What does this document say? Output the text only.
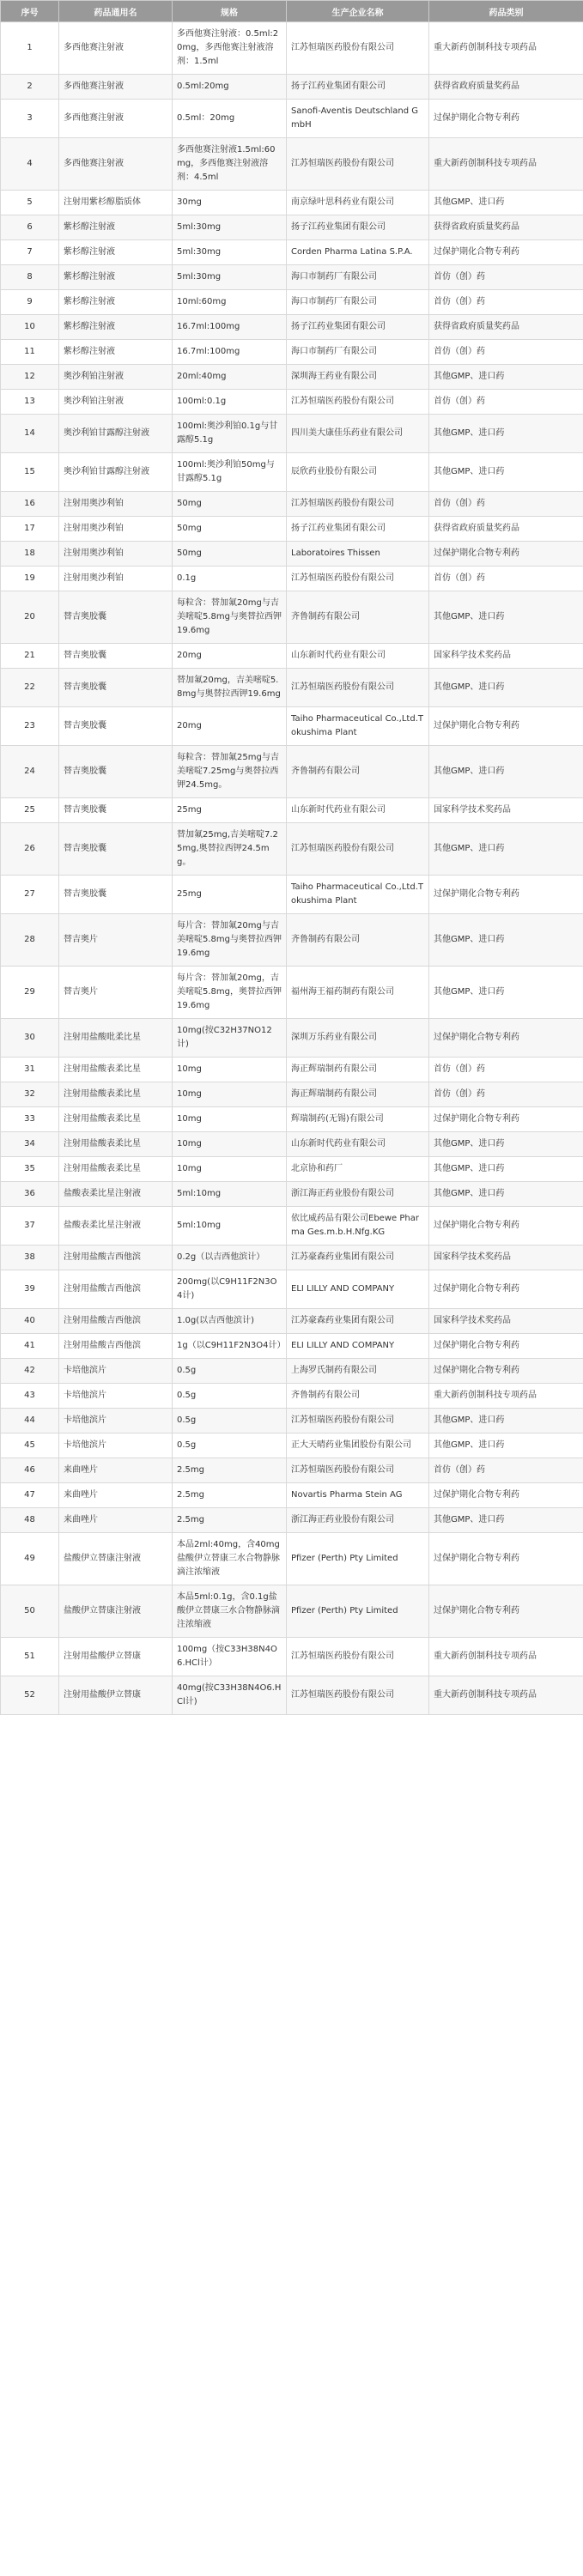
序号	药品通用名	规格	生产企业名称	药品类别
1	多西他赛注射液	多西他赛注射液：0.5ml:20mg，多西他赛注射液溶剂：1.5ml	江苏恒瑞医药股份有限公司	重大新药创制科技专项药品
2	多西他赛注射液	0.5ml:20mg	扬子江药业集团有限公司	获得省政府质量奖药品
3	多西他赛注射液	0.5ml：20mg	Sanofi-Aventis Deutschland GmbH	过保护期化合物专利药
4	多西他赛注射液	多西他赛注射液1.5ml:60mg，多西他赛注射液溶剂：4.5ml	江苏恒瑞医药股份有限公司	重大新药创制科技专项药品
5	注射用紫杉醇脂质体	30mg	南京绿叶思科药业有限公司	其他GMP、进口药
6	紫杉醇注射液	5ml:30mg	扬子江药业集团有限公司	获得省政府质量奖药品
7	紫杉醇注射液	5ml:30mg	Corden Pharma Latina S.P.A.	过保护期化合物专利药
8	紫杉醇注射液	5ml:30mg	海口市制药厂有限公司	首仿（创）药
9	紫杉醇注射液	10ml:60mg	海口市制药厂有限公司	首仿（创）药
10	紫杉醇注射液	16.7ml:100mg	扬子江药业集团有限公司	获得省政府质量奖药品
11	紫杉醇注射液	16.7ml:100mg	海口市制药厂有限公司	首仿（创）药
12	奥沙利铂注射液	20ml:40mg	深圳海王药业有限公司	其他GMP、进口药
13	奥沙利铂注射液	100ml:0.1g	江苏恒瑞医药股份有限公司	首仿（创）药
14	奥沙利铂甘露醇注射液	100ml:奥沙利铂0.1g与甘露醇5.1g	四川美大康佳乐药业有限公司	其他GMP、进口药
15	奥沙利铂甘露醇注射液	100ml:奥沙利铂50mg与甘露醇5.1g	辰欣药业股份有限公司	其他GMP、进口药
16	注射用奥沙利铂	50mg	江苏恒瑞医药股份有限公司	首仿（创）药
17	注射用奥沙利铂	50mg	扬子江药业集团有限公司	获得省政府质量奖药品
18	注射用奥沙利铂	50mg	Laboratoires Thissen	过保护期化合物专利药
19	注射用奥沙利铂	0.1g	江苏恒瑞医药股份有限公司	首仿（创）药
20	替吉奥胶囊	每粒含：替加氟20mg与吉美嘧啶5.8mg与奥替拉西钾19.6mg	齐鲁制药有限公司	其他GMP、进口药
21	替吉奥胶囊	20mg	山东新时代药业有限公司	国家科学技术奖药品
22	替吉奥胶囊	替加氟20mg，吉美嘧啶5.8mg与奥替拉西钾19.6mg	江苏恒瑞医药股份有限公司	其他GMP、进口药
23	替吉奥胶囊	20mg	Taiho Pharmaceutical Co.,Ltd.Tokushima Plant	过保护期化合物专利药
24	替吉奥胶囊	每粒含：替加氟25mg与吉美嘧啶7.25mg与奥替拉西钾24.5mg。	齐鲁制药有限公司	其他GMP、进口药
25	替吉奥胶囊	25mg	山东新时代药业有限公司	国家科学技术奖药品
26	替吉奥胶囊	替加氟25mg,吉美嘧啶7.25mg,奥替拉西钾24.5mg。	江苏恒瑞医药股份有限公司	其他GMP、进口药
27	替吉奥胶囊	25mg	Taiho Pharmaceutical Co.,Ltd.Tokushima Plant	过保护期化合物专利药
28	替吉奥片	每片含：替加氟20mg与吉美嘧啶5.8mg与奥替拉西钾19.6mg	齐鲁制药有限公司	其他GMP、进口药
29	替吉奥片	每片含：替加氟20mg，吉美嘧啶5.8mg，奥替拉西钾19.6mg	福州海王福药制药有限公司	其他GMP、进口药
30	注射用盐酸吡柔比星	10mg(按C32H37NO12计)	深圳万乐药业有限公司	过保护期化合物专利药
31	注射用盐酸表柔比星	10mg	海正辉瑞制药有限公司	首仿（创）药
32	注射用盐酸表柔比星	10mg	海正辉瑞制药有限公司	首仿（创）药
33	注射用盐酸表柔比星	10mg	辉瑞制药(无锡)有限公司	过保护期化合物专利药
34	注射用盐酸表柔比星	10mg	山东新时代药业有限公司	其他GMP、进口药
35	注射用盐酸表柔比星	10mg	北京协和药厂	其他GMP、进口药
36	盐酸表柔比星注射液	5ml:10mg	浙江海正药业股份有限公司	其他GMP、进口药
37	盐酸表柔比星注射液	5ml:10mg	依比威药品有限公司Ebewe Pharma Ges.m.b.H.Nfg.KG	过保护期化合物专利药
38	注射用盐酸吉西他滨	0.2g（以吉西他滨计）	江苏豪森药业集团有限公司	国家科学技术奖药品
39	注射用盐酸吉西他滨	200mg(以C9H11F2N3O4计)	ELI LILLY AND COMPANY	过保护期化合物专利药
40	注射用盐酸吉西他滨	1.0g(以吉西他滨计)	江苏豪森药业集团有限公司	国家科学技术奖药品
41	注射用盐酸吉西他滨	1g（以C9H11F2N3O4计）	ELI LILLY AND COMPANY	过保护期化合物专利药
42	卡培他滨片	0.5g	上海罗氏制药有限公司	过保护期化合物专利药
43	卡培他滨片	0.5g	齐鲁制药有限公司	重大新药创制科技专项药品
44	卡培他滨片	0.5g	江苏恒瑞医药股份有限公司	其他GMP、进口药
45	卡培他滨片	0.5g	正大天晴药业集团股份有限公司	其他GMP、进口药
46	来曲唑片	2.5mg	江苏恒瑞医药股份有限公司	首仿（创）药
47	来曲唑片	2.5mg	Novartis Pharma Stein AG	过保护期化合物专利药
48	来曲唑片	2.5mg	浙江海正药业股份有限公司	其他GMP、进口药
49	盐酸伊立替康注射液	本品2ml:40mg，含40mg盐酸伊立替康三水合物静脉滴注浓缩液	Pfizer (Perth) Pty Limited	过保护期化合物专利药
50	盐酸伊立替康注射液	本品5ml:0.1g，含0.1g盐酸伊立替康三水合物静脉滴注浓缩液	Pfizer (Perth) Pty Limited	过保护期化合物专利药
51	注射用盐酸伊立替康	100mg（按C33H38N4O6.HCl计）	江苏恒瑞医药股份有限公司	重大新药创制科技专项药品
52	注射用盐酸伊立替康	40mg(按C33H38N4O6.HCl计)	江苏恒瑞医药股份有限公司	重大新药创制科技专项药品
